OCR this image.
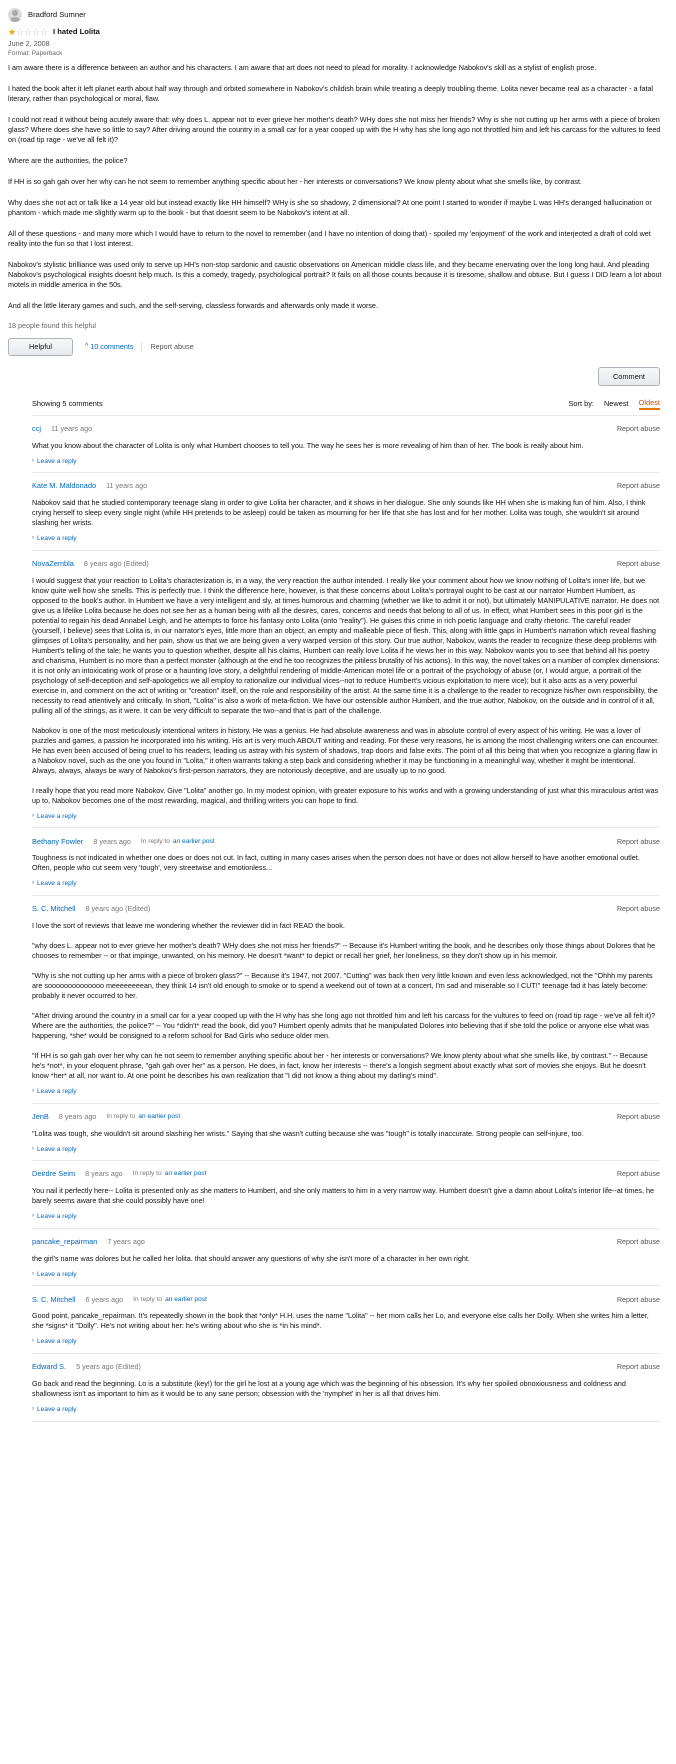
Bradford Sumner
★ ☆ ☆ ☆ ☆ I hated Lolita
June 2, 2008
Format: Paperback

I am aware there is a difference between an author and his characters. I am aware that art does not need to plead for morality. I acknowledge Nabokov's skill as a stylist of english prose.

I hated the book after it left planet earth about half way through and orbited somewhere in Nabokov's childish brain while treating a deeply troubling theme. Lolita never became real as a character - a fatal literary, rather than psychological or moral, flaw.

I could not read it without being acutely aware that: why does L. appear not to ever grieve her mother's death? WHy does she not miss her friends? Why is she not cutting up her arms with a piece of broken glass? Where does she have so little to say? After driving around the country in a small car for a year cooped up with the H why has she long ago not throttled him and left his carcass for the vultures to feed on (road tip rage - we've all felt it)?

Where are the authorities, the police?

If HH is so gah gah over her why can he not seem to remember anything specific about her - her interests or conversations? We know plenty about what she smells like, by contrast.

Why does she not act or talk like a 14 year old but instead exactly like HH himself? WHy is she so shadowy, 2 dimensional? At one point I started to wonder if maybe L was HH's deranged hallucination or phantom - which made me slightly warm up to the book - but that doesnt seem to be Nabokov's intent at all.

All of these questions - and many more which I would have to return to the novel to remember (and I have no intention of doing that) - spoiled my 'enjoyment' of the work and interjected a draft of cold wet reality into the fun so that I lost interest.

Nabokov's stylistic brilliance was used only to serve up HH's non-stop sardonic and caustic observations on American middle class life, and they became enervating over the long long haul. And pleading Nabokov's psychological insights doesnt help much. Is this a comedy, tragedy, psychological portrait? It fails on all those counts because it is tiresome, shallow and obtuse. But I guess I DID learn a lot about motels in middle america in the 50s.

And all the little literary games and such, and the self-serving, classless forwards and afterwards only made it worse.

18 people found this helpful
Helpful	^ 10 comments Report abuse
Comment
Showing 5 comments	Sort by: Newest Oldest
ccj 11 years ago	Report abuse

What you know about the character of Lolita is only what Humbert chooses to tell you. The way he sees her is more revealing of him than of her. The book is really about him.

› Leave a reply
Kate M. Maldonado 11 years ago	Report abuse

Nabokov said that he studied contemporary teenage slang in order to give Lolita her character, and it shows in her dialogue. She only sounds like HH when she is making fun of him. Also, I think crying herself to sleep every single night (while HH pretends to be asleep) could be taken as mourning for her life that she has lost and for her mother. Lolita was tough, she wouldn't sit around slashing her wrists.

› Leave a reply
NovaZembla 8 years ago (Edited)	Report abuse

I would suggest that your reaction to Lolita's characterization is, in a way, the very reaction the author intended. I really like your comment about how we know nothing of Lolita's inner life, but we know quite well how she smells. This is perfectly true. I think the difference here, however, is that these concerns about Lolita's portrayal ought to be cast at our narrator Humbert Humbert, as opposed to the book's author. In Humbert we have a very intelligent and sly, at times humorous and charming (whether we like to admit it or not), but ultimately MANIPULATIVE narrator. He does not give us a lifelike Lolita because he does not see her as a human being with all the desires, cares, concerns and needs that belong to all of us. In effect, what Humbert sees in this poor girl is the potential to regain his dead Annabel Leigh, and he attempts to force his fantasy onto Lolita (onto "reality"). He guises this crime in rich poetic language and crafty rhetoric. The careful reader (yourself, I believe) sees that Lolita is, in our narrator's eyes, little more than an object, an empty and malleable piece of flesh. This, along with little gaps in Humbert's narration which reveal flashing glimpses of Lolita's personality, and her pain, show us that we are being given a very warped version of this story. Our true author, Nabokov, wants the reader to recognize these deep problems with Humbert's telling of the tale; he wants you to question whether, despite all his claims, Humbert can really love Lolita if he views her in this way. Nabokov wants you to see that behind all his poetry and charisma, Humbert is no more than a perfect monster (although at the end he too recognizes the pitiless brutality of his actions). In this way, the novel takes on a number of complex dimensions: it is not only an intoxicating work of prose or a haunting love story, a delightful rendering of middle-American motel life or a portrait of the psychology of abuse (or, I would argue, a portrait of the psychology of self-deception and self-apologetics we all employ to rationalize our individual vices--not to reduce Humbert's vicious exploitation to mere vice); but it also acts as a very powerful exercise in, and comment on the act of writing or "creation" itself, on the role and responsibility of the artist. At the same time it is a challenge to the reader to recognize his/her own responsibility, the necessity to read attentively and critically. In short, "Lolita" is also a work of meta-fiction. We have our ostensible author Humbert, and the true author, Nabokov, on the outside and in control of it all, pulling all of the strings, as it were. It can be very difficult to separate the two--and that is part of the challenge.

Nabokov is one of the most meticulously intentional writers in history. He was a genius. He had absolute awareness and was in absolute control of every aspect of his writing. He was a lover of puzzles and games, a passion he incorporated into his writing. His art is very much ABOUT writing and reading. For these very reasons, he is among the most challenging writers one can encounter. He has even been accused of being cruel to his readers, leading us astray with his system of shadows, trap doors and false exits. The point of all this being that when you recognize a glaring flaw in a Nabokov novel, such as the one you found in "Lolita," it often warrants taking a step back and considering whether it may be functioning in a meaningful way, whether it might be intentional. Always, always, always be wary of Nabokov's first-person narrators, they are notoriously deceptive, and are usually up to no good.

I really hope that you read more Nabokov. Give "Lolita" another go. In my modest opinion, with greater exposure to his works and with a growing understanding of just what this miraculous artist was up to, Nabokov becomes one of the most rewarding, magical, and thrilling writers you can hope to find.

› Leave a reply
Bethany Fowler 8 years ago In reply to an earlier post	Report abuse

Toughness is not indicated in whether one does or does not cut. In fact, cutting in many cases arises when the person does not have or does not allow herself to have another emotional outlet. Often, people who cut seem very 'tough', very streetwise and emotionless...

› Leave a reply
S. C. Mitchell 8 years ago (Edited)	Report abuse

I love the sort of reviews that leave me wondering whether the reviewer did in fact READ the book.

"why does L. appear not to ever grieve her mother's death? WHy does she not miss her friends?" -- Because it's Humbert writing the book, and he describes only those things about Dolores that he chooses to remember -- or that impinge, unwanted, on his memory. He doesn't *want* to depict or recall her grief, her loneliness, so they don't show up in his memoir.

"Why is she not cutting up her arms with a piece of broken glass?" -- Because it's 1947, not 2007. "Cutting" was back then very little known and even less acknowledged, not the "Ohhh my parents are soooooooooooooo meeeeeeeean, they think 14 isn't old enough to smoke or to spend a weekend out of town at a concert, I'm sad and miserable so I CUT!" teenage fad it has lately become: probably it never occurred to her.

"After driving around the country in a small car for a year cooped up with the H why has she long ago not throttled him and left his carcass for the vultures to feed on (road tip rage - we've all felt it)? Where are the authorities, the police?" -- You *didn't* read the book, did you? Humbert openly admits that he manipulated Dolores into believing that if she told the police or anyone else what was happening, *she* would be consigned to a reform school for Bad Girls who seduce older men.

"If HH is so gah gah over her why can he not seem to remember anything specific about her - her interests or conversations? We know plenty about what she smells like, by contrast." -- Because he's *not*, in your eloquent phrase, "gah gah over her" as a person. He does, in fact, know her interests -- there's a longish segment about exactly what sort of movies she enjoys. But he doesn't know *her* at all, nor want to. At one point he describes his own realization that "I did not know a thing about my darling's mind".

› Leave a reply
JenB 8 years ago In reply to an earlier post	Report abuse

"Lolita was tough, she wouldn't sit around slashing her wrists." Saying that she wasn't cutting because she was "tough" is totally inaccurate. Strong people can self-injure, too.

› Leave a reply
Deirdre Seim 8 years ago In reply to an earlier post	Report abuse

You nail it perfectly here-- Lolita is presented only as she matters to Humbert, and she only matters to him in a very narrow way. Humbert doesn't give a damn about Lolita's interior life--at times, he barely seems aware that she could possibly have one!

› Leave a reply
pancake_repairman 7 years ago	Report abuse

the girl's name was dolores but he called her lolita. that should answer any questions of why she isn't more of a character in her own right.

› Leave a reply
S. C. Mitchell 6 years ago In reply to an earlier post	Report abuse

Good point, pancake_repairman. It's repeatedly shown in the book that *only* H.H. uses the name "Lolita" -- her mom calls her Lo, and everyone else calls her Dolly. When she writes him a letter, she *signs* it "Dolly". He's not writing about her: he's writing about who she is *in his mind*.

› Leave a reply
Edward S. 5 years ago (Edited)	Report abuse

Go back and read the beginning. Lo is a substitute (key!) for the girl he lost at a young age which was the beginning of his obsession. It's why her spoiled obnoxiousness and coldness and shallowness isn't as important to him as it would be to any sane person; obsession with the 'nymphet' in her is all that drives him.

› Leave a reply
